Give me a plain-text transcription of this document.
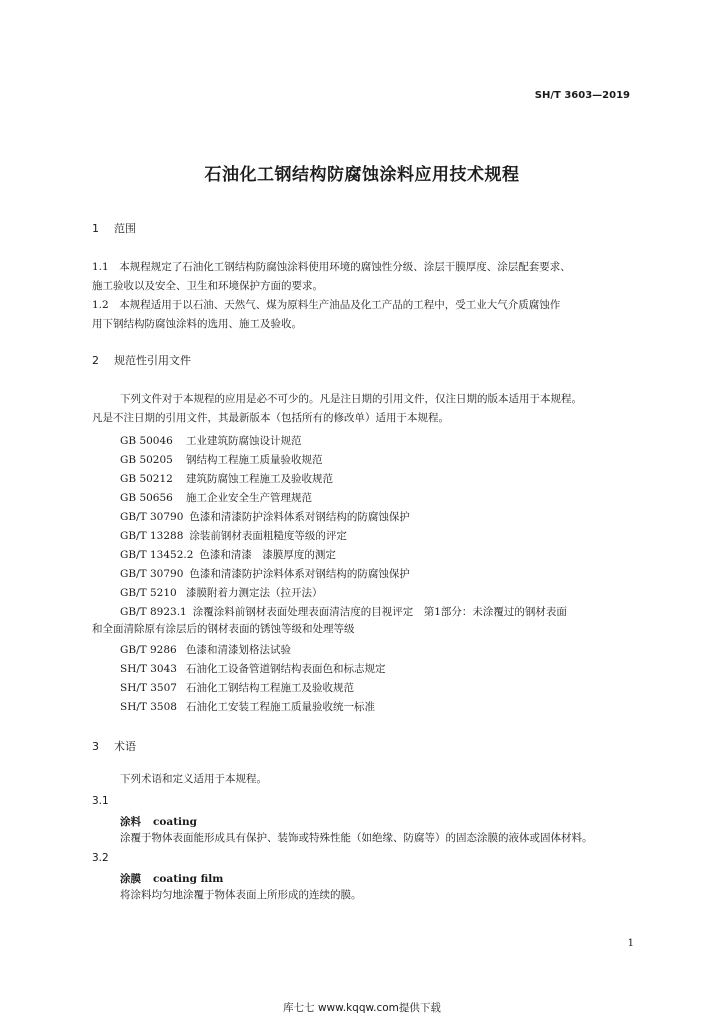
SH/T 3603—2019
石油化工钢结构防腐蚀涂料应用技术规程
1 范围
1.1　本规程规定了石油化工钢结构防腐蚀涂料使用环境的腐蚀性分级、涂层干膜厚度、涂层配套要求、
施工验收以及安全、卫生和环境保护方面的要求。
1.2　本规程适用于以石油、天然气、煤为原料生产油品及化工产品的工程中，受工业大气介质腐蚀作
用下钢结构防腐蚀涂料的选用、施工及验收。
2 规范性引用文件
下列文件对于本规程的应用是必不可少的。凡是注日期的引用文件，仅注日期的版本适用于本规程。
凡是不注日期的引用文件，其最新版本（包括所有的修改单）适用于本规程。
GB 50046 工业建筑防腐蚀设计规范
GB 50205 钢结构工程施工质量验收规范
GB 50212 建筑防腐蚀工程施工及验收规范
GB 50656 施工企业安全生产管理规范
GB/T 30790 色漆和清漆防护涂料体系对钢结构的防腐蚀保护
GB/T 13288 涂装前钢材表面粗糙度等级的评定
GB/T 13452.2 色漆和清漆　漆膜厚度的测定
GB/T 30790 色漆和清漆防护涂料体系对钢结构的防腐蚀保护
GB/T 5210 漆膜附着力测定法（拉开法）
GB/T 8923.1 涂覆涂料前钢材表面处理表面清洁度的目视评定　第1部分：未涂覆过的钢材表面
和全面清除原有涂层后的钢材表面的锈蚀等级和处理等级
GB/T 9286 色漆和清漆划格法试验
SH/T 3043 石油化工设备管道钢结构表面色和标志规定
SH/T 3507 石油化工钢结构工程施工及验收规范
SH/T 3508 石油化工安装工程施工质量验收统一标准
3 术语
下列术语和定义适用于本规程。
3.1
涂料 coating
涂覆于物体表面能形成具有保护、装饰或特殊性能（如绝缘、防腐等）的固态涂膜的液体或固体材料。
3.2
涂膜 coating film
将涂料均匀地涂覆于物体表面上所形成的连续的膜。
1
库七七 www.kqqw.com提供下载
